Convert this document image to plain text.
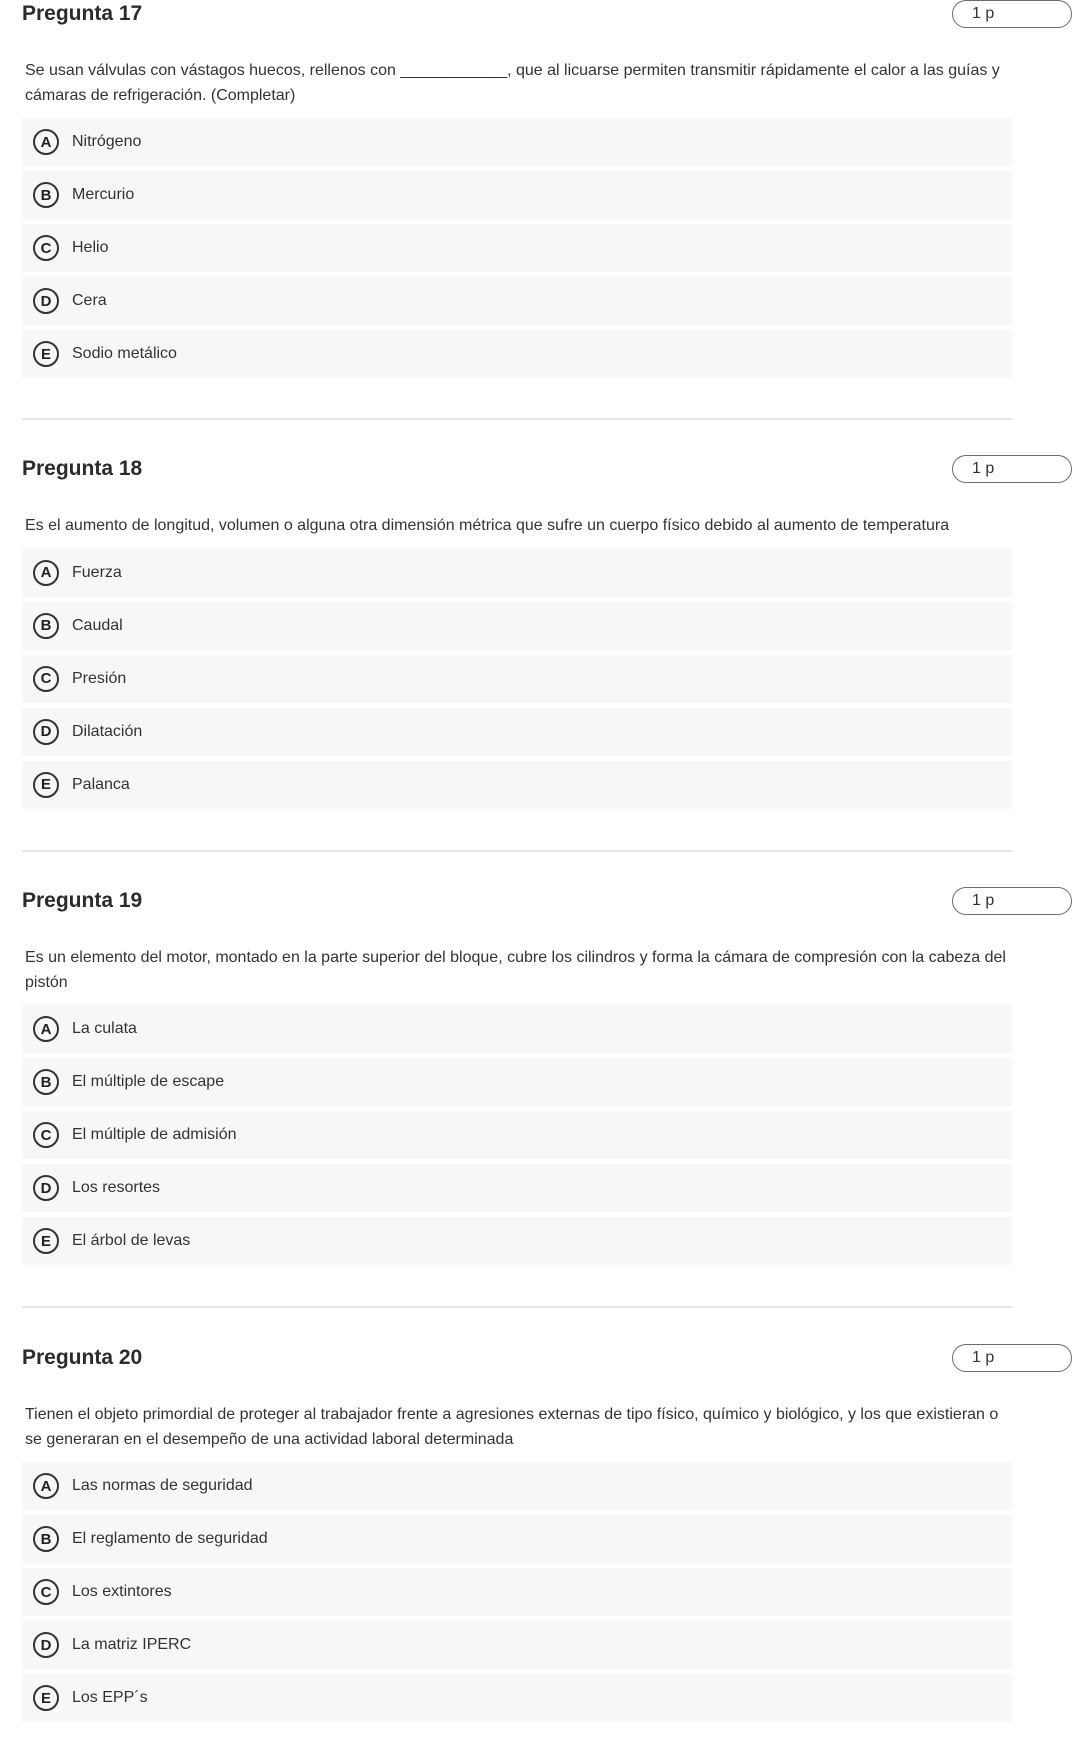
Pregunta 17	1 p
Se usan válvulas con vástagos huecos, rellenos con ____________, que al licuarse permiten transmitir rápidamente el calor a las guías y cámaras de refrigeración. (Completar)
A	Nitrógeno
B	Mercurio
C	Helio
D	Cera
E	Sodio metálico
Pregunta 18	1 p
Es el aumento de longitud, volumen o alguna otra dimensión métrica que sufre un cuerpo físico debido al aumento de temperatura
A	Fuerza
B	Caudal
C	Presión
D	Dilatación
E	Palanca
Pregunta 19	1 p
Es un elemento del motor, montado en la parte superior del bloque, cubre los cilindros y forma la cámara de compresión con la cabeza del pistón
A	La culata
B	El múltiple de escape
C	El múltiple de admisión
D	Los resortes
E	El árbol de levas
Pregunta 20	1 p
Tienen el objeto primordial de proteger al trabajador frente a agresiones externas de tipo físico, químico y biológico, y los que existieran o se generaran en el desempeño de una actividad laboral determinada
A	Las normas de seguridad
B	El reglamento de seguridad
C	Los extintores
D	La matriz IPERC
E	Los EPP´s
